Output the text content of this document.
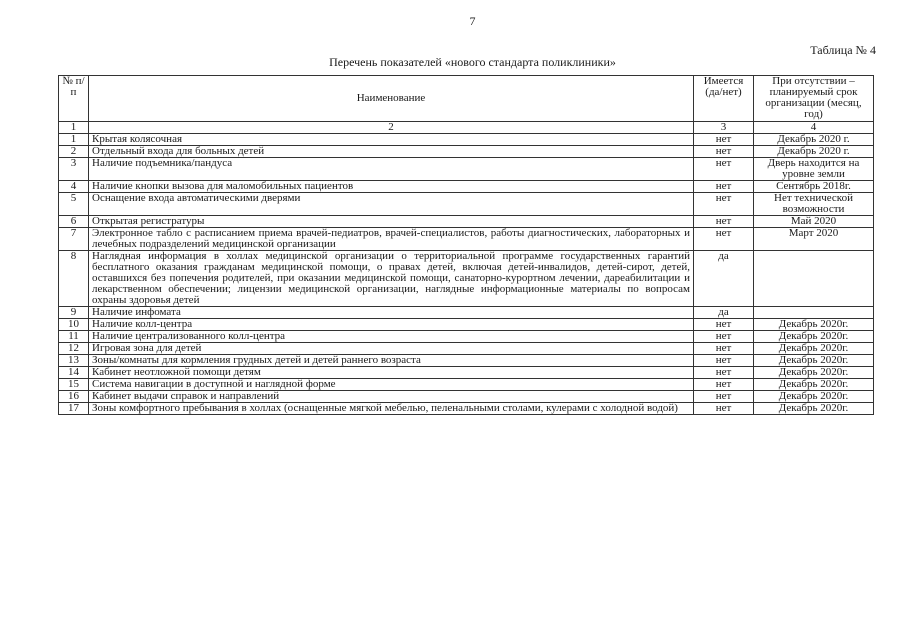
7
Таблица № 4
Перечень показателей «нового стандарта поликлиники»
№ п/п	Наименование	Имеется (да/нет)	При отсутствии – планируемый срок организации (месяц, год)
1	2	3	4
1	Крытая колясочная	нет	Декабрь 2020 г.
2	Отдельный входа для больных детей	нет	Декабрь 2020 г.
3	Наличие подъемника/пандуса	нет	Дверь находится на уровне земли
4	Наличие кнопки вызова для маломобильных пациентов	нет	Сентябрь 2018г.
5	Оснащение входа автоматическими дверями	нет	Нет технической возможности
6	Открытая регистратуры	нет	Май 2020
7	Электронное табло с расписанием приема врачей-педиатров, врачей-специалистов, работы диагностических, лабораторных и лечебных подразделений медицинской организации	нет	Март 2020
8	Наглядная информация в холлах медицинской организации о территориальной программе государственных гарантий бесплатного оказания гражданам медицинской помощи, о правах детей, включая детей-инвалидов, детей-сирот, детей, оставшихся без попечения родителей, при оказании медицинской помощи, санаторно-курортном лечении, дареабилитации и лекарственном обеспечении; лицензии медицинской организации, наглядные информационные материалы по вопросам охраны здоровья детей	да	
9	Наличие инфомата	да	
10	Наличие колл-центра	нет	Декабрь 2020г.
11	Наличие централизованного колл-центра	нет	Декабрь 2020г.
12	Игровая зона для детей	нет	Декабрь 2020г.
13	Зоны/комнаты для кормления грудных детей и детей раннего возраста	нет	Декабрь 2020г.
14	Кабинет неотложной помощи детям	нет	Декабрь 2020г.
15	Система навигации в доступной и наглядной форме	нет	Декабрь 2020г.
16	Кабинет выдачи справок и направлений	нет	Декабрь 2020г.
17	Зоны комфортного пребывания в холлах (оснащенные мягкой мебелью, пеленальными столами, кулерами с холодной водой)	нет	Декабрь 2020г.
